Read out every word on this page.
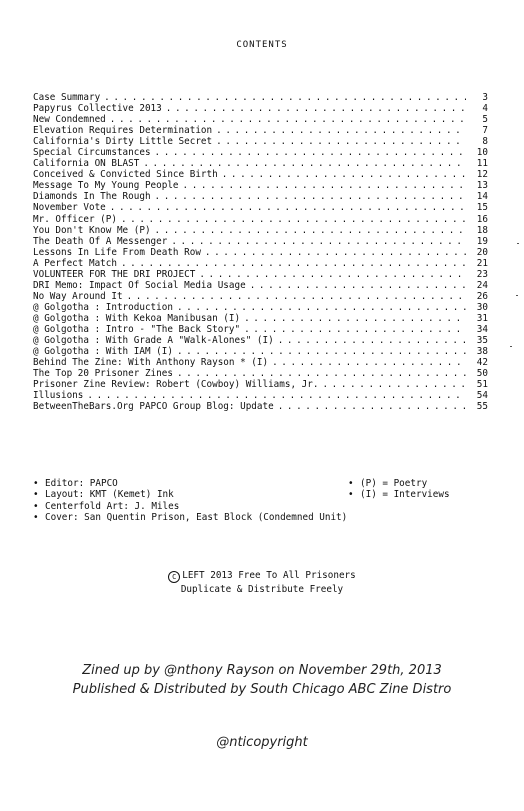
CONTENTS
Case Summary . . .	3
Papyrus Collective 2013 . . .	4
New Condemned . . .	5
Elevation Requires Determination . . .	7
California's Dirty Little Secret . . .	8
Special Circumstances . . .	10
California ON BLAST . . .	11
Conceived & Convicted Since Birth . . .	12
Message To My Young People . . .	13
Diamonds In The Rough . . .	14
November Vote . . .	15
Mr. Officer (P) . . .	16
You Don't Know Me (P) . . .	18
The Death Of A Messenger . . .	19
Lessons In Life From Death Row . . .	20
A Perfect Match . . .	21
VOLUNTEER FOR THE DRI PROJECT . . .	23
DRI Memo: Impact Of Social Media Usage . . .	24
No Way Around It . . .	26
@ Golgotha : Introduction . . .	30
@ Golgotha : With Kekoa Manibusan (I) . . .	31
@ Golgotha : Intro - "The Back Story" . . .	34
@ Golgotha : With Grade A "Walk-Alones" (I) . . .	35
@ Golgotha : With IAM (I) . . .	38
Behind The Zine: With Anthony Rayson * (I) . . .	42
The Top 20 Prisoner Zines . . .	50
Prisoner Zine Review: Robert (Cowboy) Williams, Jr. . . .	51
Illusions . . .	54
BetweenTheBars.Org PAPCO Group Blog: Update . . .	55
• Editor: PAPCO	• (P) = Poetry
• Layout: KMT (Kemet) Ink	• (I) = Interviews
• Centerfold Art: J. Miles
• Cover: San Quentin Prison, East Block (Condemned Unit)
C LEFT 2013 Free To All Prisoners
Duplicate & Distribute Freely
Zined up by @nthony Rayson on November 29th, 2013
Published & Distributed by South Chicago ABC Zine Distro
@nticopyright
